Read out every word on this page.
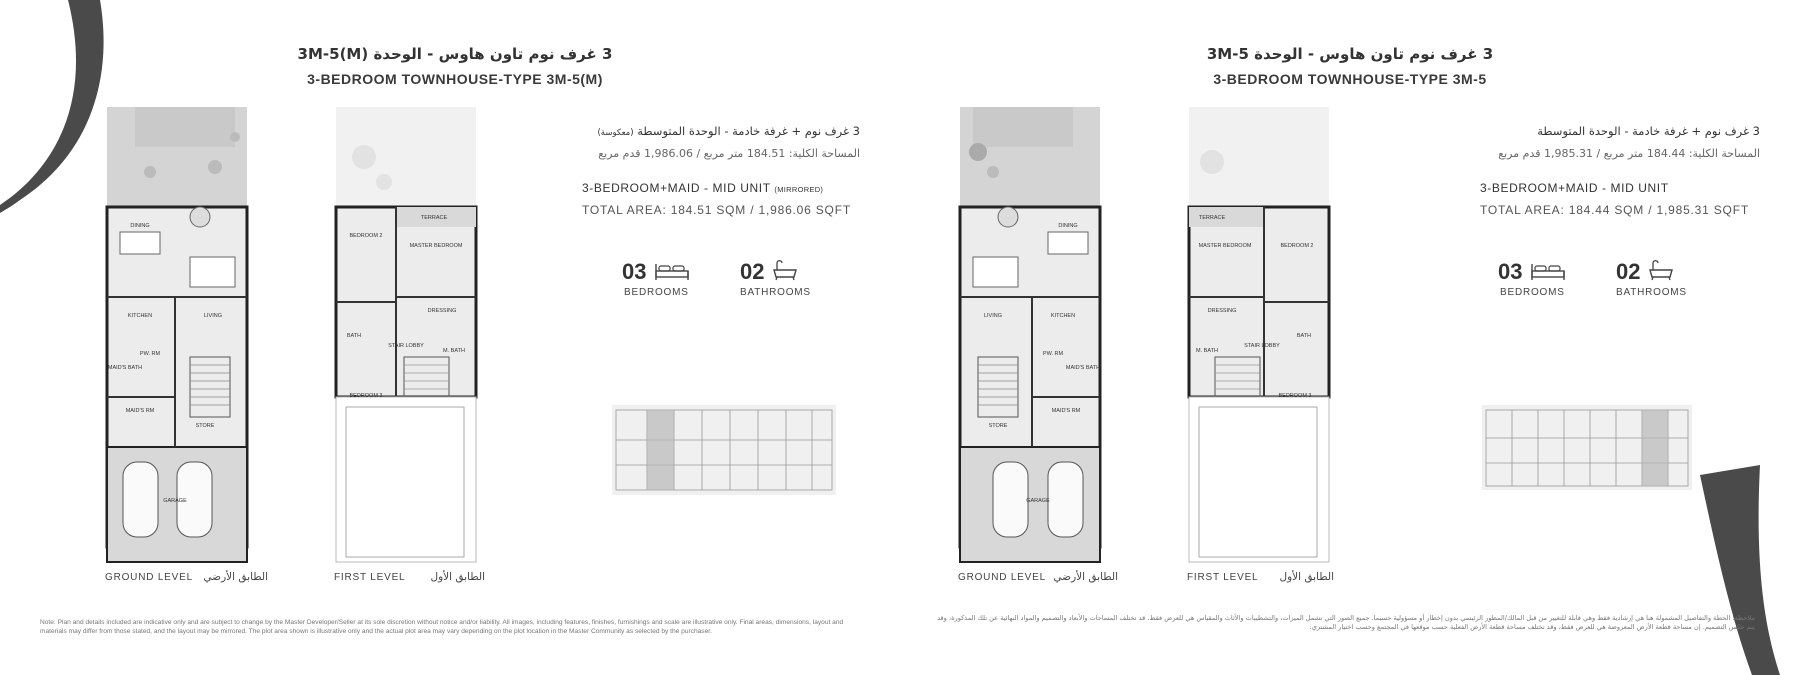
3 غرف نوم تاون هاوس - الوحدة 3M-5(M)
3-BEDROOM TOWNHOUSE-TYPE 3M-5(M)
DINING
KITCHEN	LIVING
PW. RM
MAID'S BATH
MAID'S RM
GARAGE
STORE
TERRACE
BEDROOM 2
MASTER BEDROOM
DRESSING
BATH
STAIR LOBBY
M. BATH
BEDROOM 3
GROUND LEVEL الطابق الأرضي	FIRST LEVEL	الطابق الأول
3 غرف نوم + غرفة خادمة - الوحدة المتوسطة (معكوسة)
المساحة الكلية: 184.51 متر مربع / 1,986.06 قدم مربع
3-BEDROOM+MAID - MID UNIT (MIRRORED)
TOTAL AREA: 184.51 SQM / 1,986.06 SQFT
03
BEDROOMS
02
BATHROOMS
Note: Plan and details included are indicative only and are subject to change by the Master Developer/Seller at its sole discretion without notice and/or liability. All images, including features, finishes, furnishings and scale are illustrative only. Final areas, dimensions, layout and materials may differ from those stated, and the layout may be mirrored. The plot area shown is illustrative only and the actual plot area may vary depending on the plot location in the Master Community as selected by the purchaser.
3 غرف نوم تاون هاوس - الوحدة 3M-5
3-BEDROOM TOWNHOUSE-TYPE 3M-5
DINING
LIVING	KITCHEN
PW. RM
MAID'S BATH
MAID'S RM
GARAGE
STORE
TERRACE
MASTER BEDROOM	BEDROOM 2
DRESSING
BATH
STAIR LOBBY
M. BATH
BEDROOM 3
GROUND LEVEL الطابق الأرضي	FIRST LEVEL	الطابق الأول
3 غرف نوم + غرفة خادمة - الوحدة المتوسطة
المساحة الكلية: 184.44 متر مربع / 1,985.31 قدم مربع
3-BEDROOM+MAID - MID UNIT
TOTAL AREA: 184.44 SQM / 1,985.31 SQFT
03
BEDROOMS
02
BATHROOMS
ملاحظة: الخطة والتفاصيل المشمولة هنا هي إرشادية فقط وهي قابلة للتغيير من قبل المالك/المطور الرئيسي بدون إخطار أو مسؤولية حسبما. جميع الصور التي تشمل الميزات، والتشطيبات والأثاث والمقياس هي للعرض فقط. قد تختلف المساحات والأبعاد والتصميم والمواد النهائية عن تلك المذكورة، وقد يتم عكس التصميم. إن مساحة قطعة الأرض المعروضة هي للعرض فقط، وقد تختلف مساحة قطعة الأرض الفعلية حسب موقعها في المجتمع وحسب اختيار المشتري.
